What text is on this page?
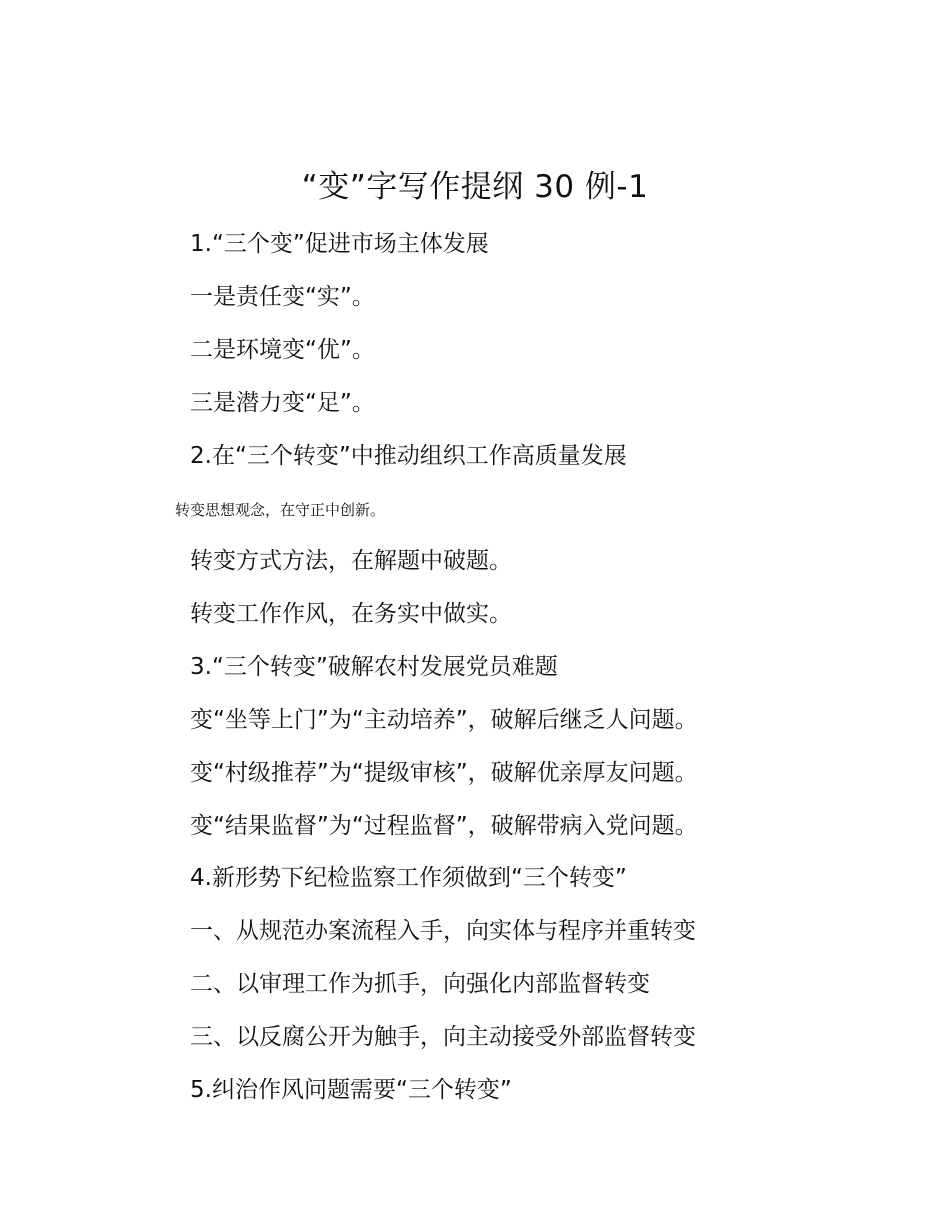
“变”字写作提纲 30 例-1
1.“三个变”促进市场主体发展
一是责任变“实”。
二是环境变“优”。
三是潜力变“足”。
2.在“三个转变”中推动组织工作高质量发展
转变思想观念，在守正中创新。
转变方式方法，在解题中破题。
转变工作作风，在务实中做实。
3.“三个转变”破解农村发展党员难题
变“坐等上门”为“主动培养”，破解后继乏人问题。
变“村级推荐”为“提级审核”，破解优亲厚友问题。
变“结果监督”为“过程监督”，破解带病入党问题。
4.新形势下纪检监察工作须做到“三个转变”
一、从规范办案流程入手，向实体与程序并重转变
二、以审理工作为抓手，向强化内部监督转变
三、以反腐公开为触手，向主动接受外部监督转变
5.纠治作风问题需要“三个转变”
